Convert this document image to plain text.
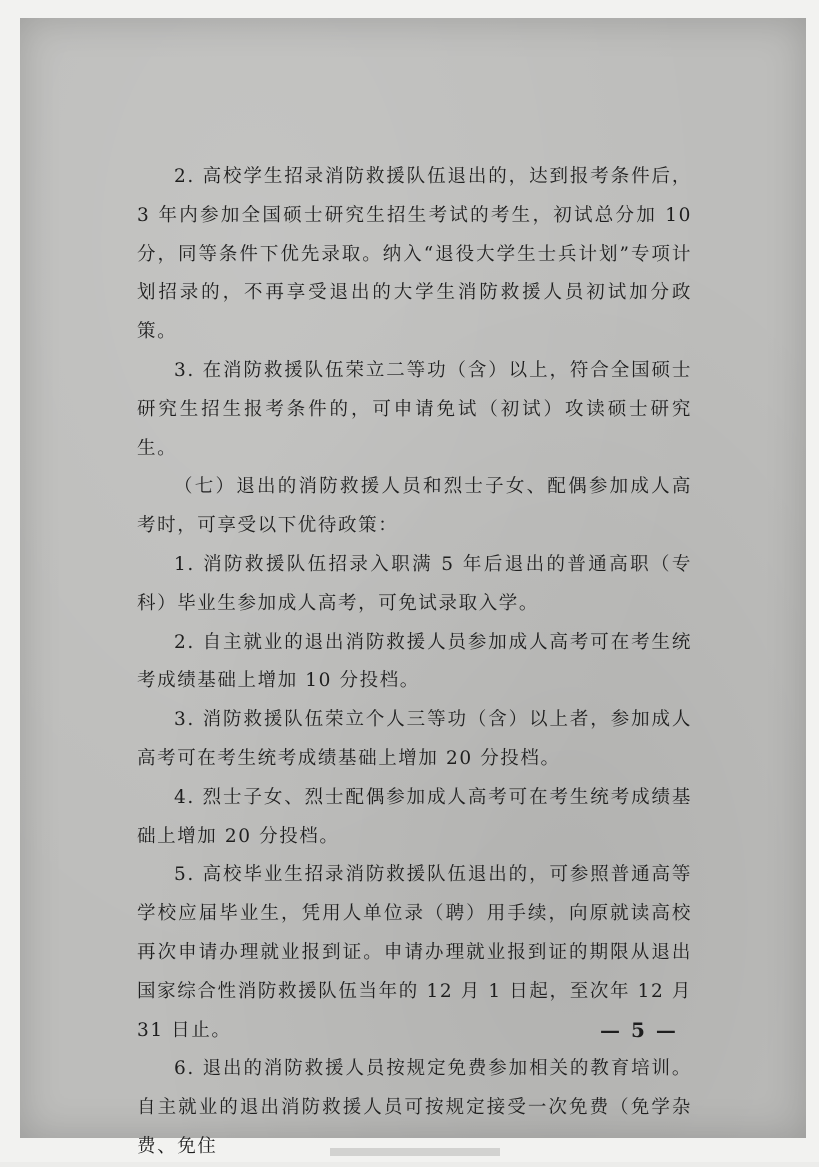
2. 高校学生招录消防救援队伍退出的，达到报考条件后，3 年内参加全国硕士研究生招生考试的考生，初试总分加 10 分，同等条件下优先录取。纳入“退役大学生士兵计划”专项计划招录的，不再享受退出的大学生消防救援人员初试加分政策。

3. 在消防救援队伍荣立二等功（含）以上，符合全国硕士研究生招生报考条件的，可申请免试（初试）攻读硕士研究生。

（七）退出的消防救援人员和烈士子女、配偶参加成人高考时，可享受以下优待政策：

1. 消防救援队伍招录入职满 5 年后退出的普通高职（专科）毕业生参加成人高考，可免试录取入学。

2. 自主就业的退出消防救援人员参加成人高考可在考生统考成绩基础上增加 10 分投档。

3. 消防救援队伍荣立个人三等功（含）以上者，参加成人高考可在考生统考成绩基础上增加 20 分投档。

4. 烈士子女、烈士配偶参加成人高考可在考生统考成绩基础上增加 20 分投档。

5. 高校毕业生招录消防救援队伍退出的，可参照普通高等学校应届毕业生，凭用人单位录（聘）用手续，向原就读高校再次申请办理就业报到证。申请办理就业报到证的期限从退出国家综合性消防救援队伍当年的 12 月 1 日起，至次年 12 月 31 日止。

6. 退出的消防救援人员按规定免费参加相关的教育培训。自主就业的退出消防救援人员可按规定接受一次免费（免学杂费、免住

— 5 —
